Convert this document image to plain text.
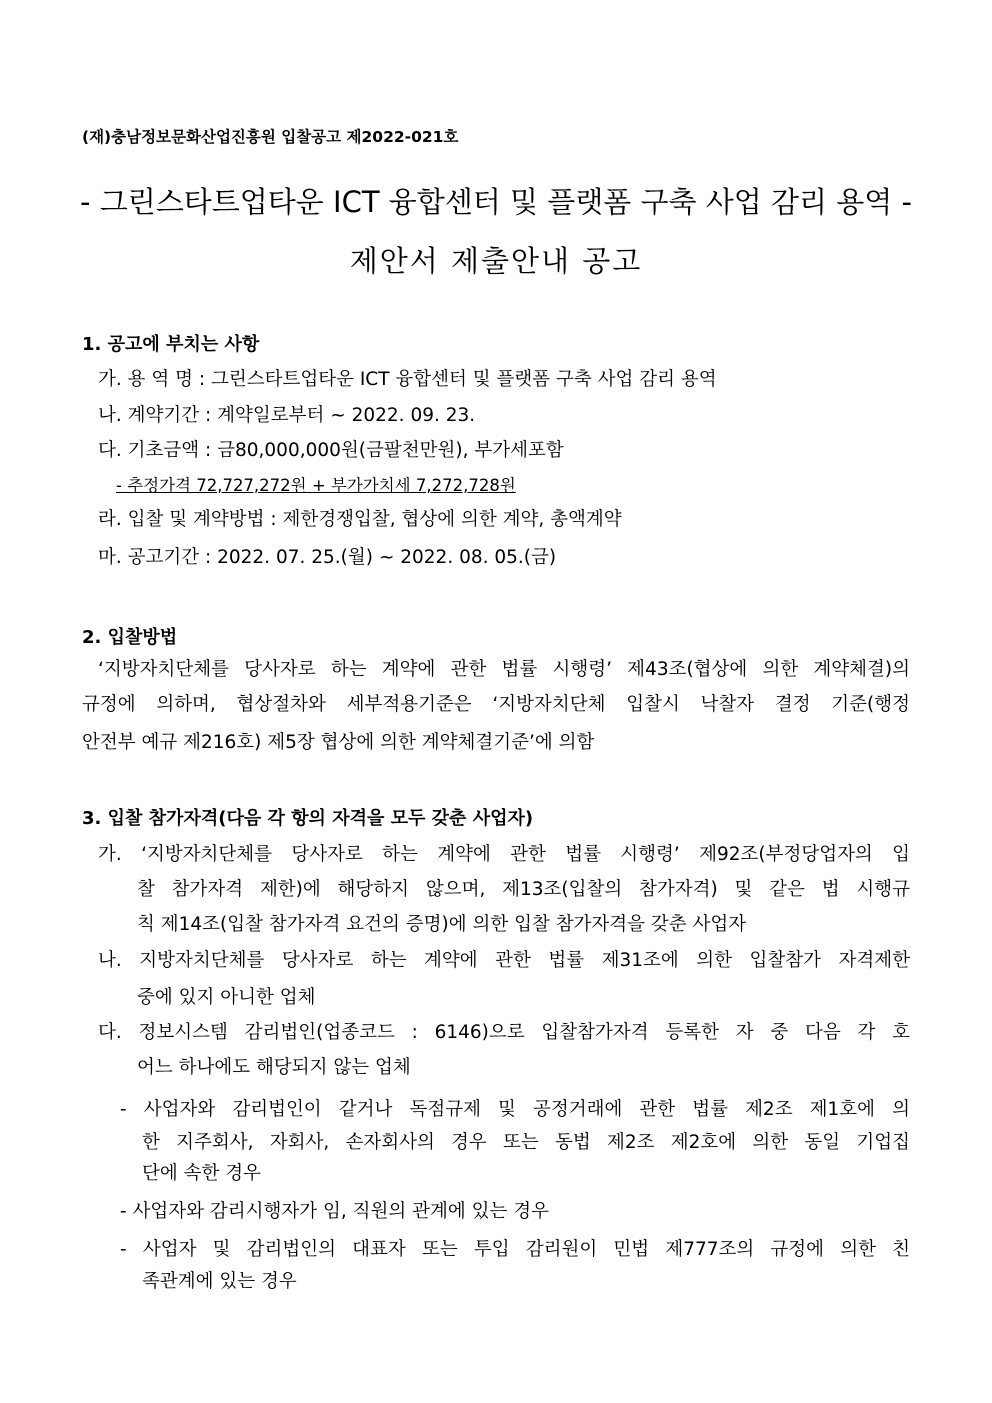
(재)충남정보문화산업진흥원 입찰공고 제2022-021호
- 그린스타트업타운 ICT 융합센터 및 플랫폼 구축 사업 감리 용역 -
제안서 제출안내 공고
1. 공고에 부치는 사항
가. 용 역 명 : 그린스타트업타운 ICT 융합센터 및 플랫폼 구축 사업 감리 용역
나. 계약기간 : 계약일로부터 ~ 2022. 09. 23.
다. 기초금액 : 금80,000,000원(금팔천만원), 부가세포함
- 추정가격 72,727,272원 + 부가가치세 7,272,728원
라. 입찰 및 계약방법 : 제한경쟁입찰, 협상에 의한 계약, 총액계약
마. 공고기간 : 2022. 07. 25.(월) ~ 2022. 08. 05.(금)
2. 입찰방법
‘지방자치단체를 당사자로 하는 계약에 관한 법률 시행령’ 제43조(협상에 의한 계약체결)의
규정에 의하며, 협상절차와 세부적용기준은 ‘지방자치단체 입찰시 낙찰자 결정 기준(행정
안전부 예규 제216호) 제5장 협상에 의한 계약체결기준’에 의함
3. 입찰 참가자격(다음 각 항의 자격을 모두 갖춘 사업자)
가. ‘지방자치단체를 당사자로 하는 계약에 관한 법률 시행령’ 제92조(부정당업자의 입
찰 참가자격 제한)에 해당하지 않으며, 제13조(입찰의 참가자격) 및 같은 법 시행규
칙 제14조(입찰 참가자격 요건의 증명)에 의한 입찰 참가자격을 갖춘 사업자
나. 지방자치단체를 당사자로 하는 계약에 관한 법률 제31조에 의한 입찰참가 자격제한
중에 있지 아니한 업체
다. 정보시스템 감리법인(업종코드 : 6146)으로 입찰참가자격 등록한 자 중 다음 각 호
어느 하나에도 해당되지 않는 업체
- 사업자와 감리법인이 같거나 독점규제 및 공정거래에 관한 법률 제2조 제1호에 의
한 지주회사, 자회사, 손자회사의 경우 또는 동법 제2조 제2호에 의한 동일 기업집
단에 속한 경우
- 사업자와 감리시행자가 임, 직원의 관계에 있는 경우
- 사업자 및 감리법인의 대표자 또는 투입 감리원이 민법 제777조의 규정에 의한 친
족관계에 있는 경우
